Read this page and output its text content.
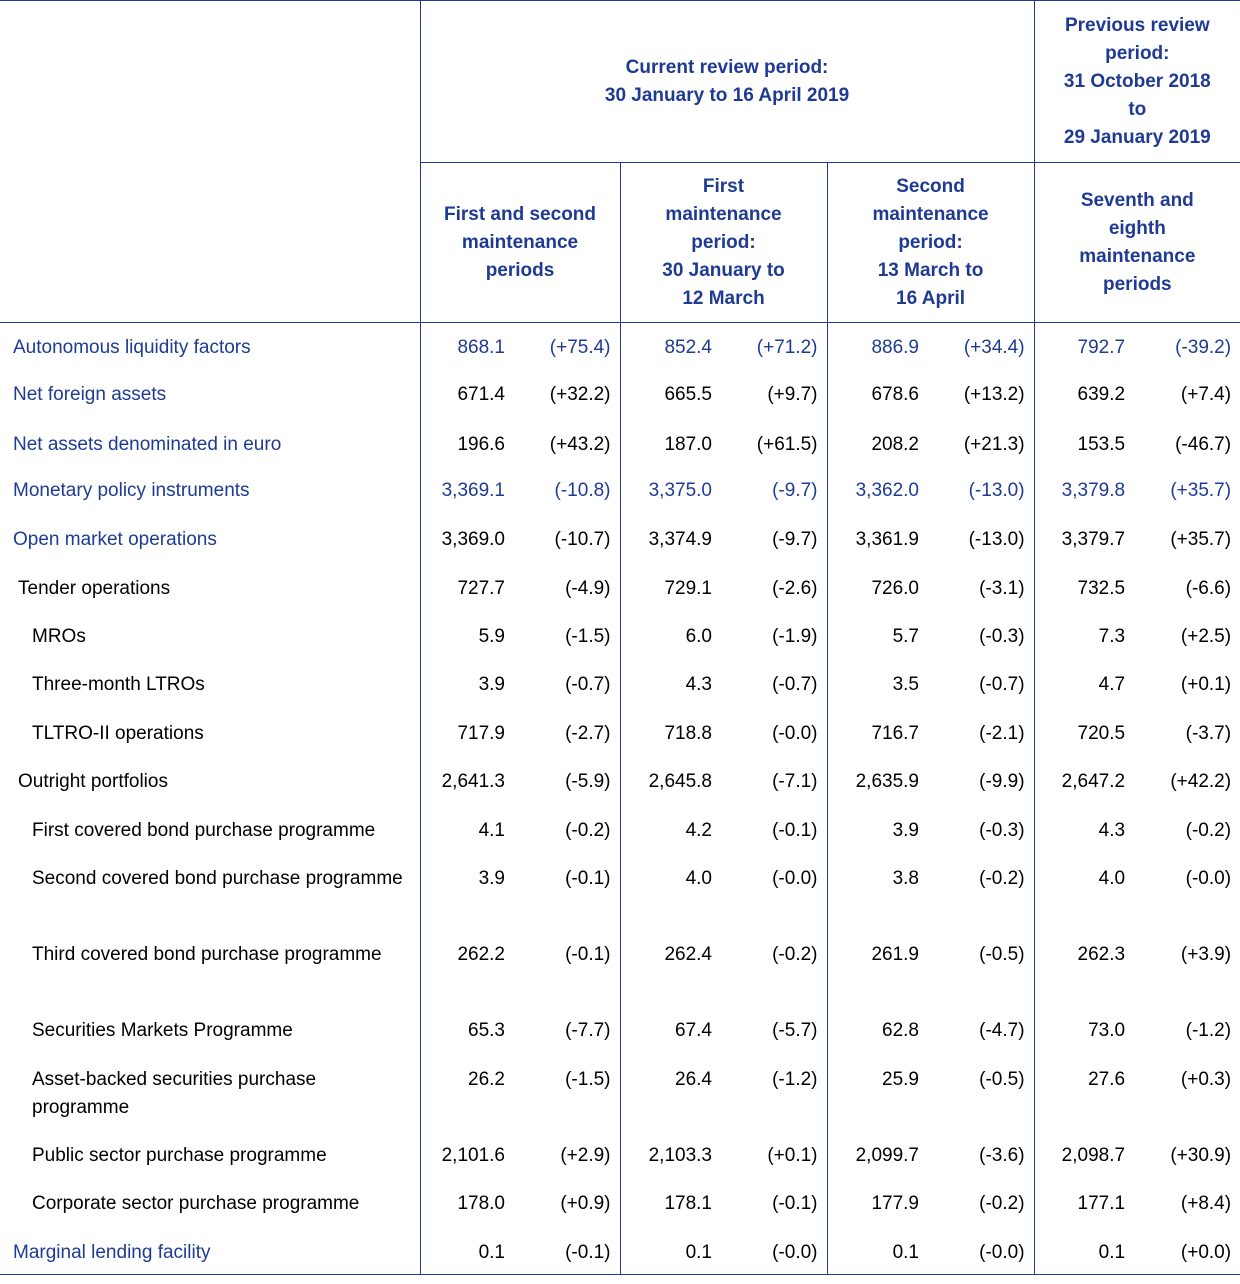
	Current review period:
30 January to 16 April 2019						Previous review period:
31 October 2018
to
29 January 2019	

	First and second maintenance periods		First maintenance period:
30 January to
12 March		Second maintenance period:
13 March to
16 April		Seventh and eighth maintenance periods	

Autonomous liquidity factors	868.1	(+75.4)	852.4	(+71.2)	886.9	(+34.4)	792.7	(-39.2)
Net foreign assets	671.4	(+32.2)	665.5	(+9.7)	678.6	(+13.2)	639.2	(+7.4)
Net assets denominated in euro	196.6	(+43.2)	187.0	(+61.5)	208.2	(+21.3)	153.5	(-46.7)
Monetary policy instruments	3,369.1	(-10.8)	3,375.0	(-9.7)	3,362.0	(-13.0)	3,379.8	(+35.7)
Open market operations	3,369.0	(-10.7)	3,374.9	(-9.7)	3,361.9	(-13.0)	3,379.7	(+35.7)
Tender operations	727.7	(-4.9)	729.1	(-2.6)	726.0	(-3.1)	732.5	(-6.6)
MROs	5.9	(-1.5)	6.0	(-1.9)	5.7	(-0.3)	7.3	(+2.5)
Three-month LTROs	3.9	(-0.7)	4.3	(-0.7)	3.5	(-0.7)	4.7	(+0.1)
TLTRO-II operations	717.9	(-2.7)	718.8	(-0.0)	716.7	(-2.1)	720.5	(-3.7)
Outright portfolios	2,641.3	(-5.9)	2,645.8	(-7.1)	2,635.9	(-9.9)	2,647.2	(+42.2)
First covered bond purchase programme	4.1	(-0.2)	4.2	(-0.1)	3.9	(-0.3)	4.3	(-0.2)
Second covered bond purchase programme	3.9	(-0.1)	4.0	(-0.0)	3.8	(-0.2)	4.0	(-0.0)
Third covered bond purchase programme	262.2	(-0.1)	262.4	(-0.2)	261.9	(-0.5)	262.3	(+3.9)
Securities Markets Programme	65.3	(-7.7)	67.4	(-5.7)	62.8	(-4.7)	73.0	(-1.2)
Asset-backed securities purchase programme	26.2	(-1.5)	26.4	(-1.2)	25.9	(-0.5)	27.6	(+0.3)
Public sector purchase programme	2,101.6	(+2.9)	2,103.3	(+0.1)	2,099.7	(-3.6)	2,098.7	(+30.9)
Corporate sector purchase programme	178.0	(+0.9)	178.1	(-0.1)	177.9	(-0.2)	177.1	(+8.4)
Marginal lending facility	0.1	(-0.1)	0.1	(-0.0)	0.1	(-0.0)	0.1	(+0.0)
